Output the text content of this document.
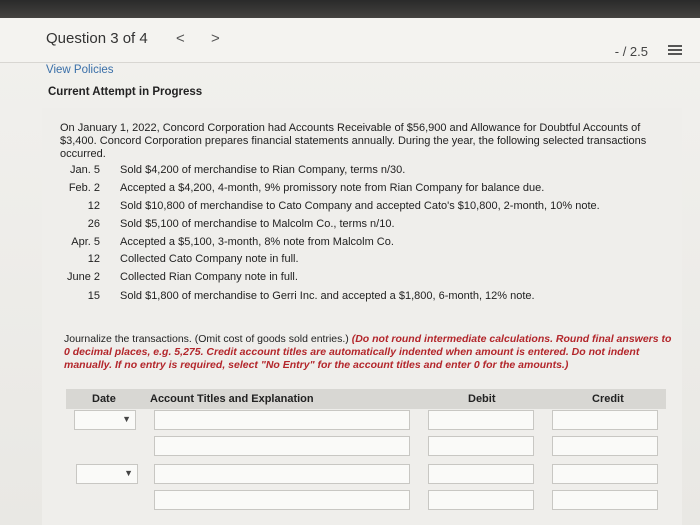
Question 3 of 4 < >
- / 2.5
View Policies
Current Attempt in Progress
On January 1, 2022, Concord Corporation had Accounts Receivable of $56,900 and Allowance for Doubtful Accounts of $3,400. Concord Corporation prepares financial statements annually. During the year, the following selected transactions occurred.
Jan. 5 Sold $4,200 of merchandise to Rian Company, terms n/30.
Feb. 2 Accepted a $4,200, 4-month, 9% promissory note from Rian Company for balance due.
12 Sold $10,800 of merchandise to Cato Company and accepted Cato's $10,800, 2-month, 10% note.
26 Sold $5,100 of merchandise to Malcolm Co., terms n/10.
Apr. 5 Accepted a $5,100, 3-month, 8% note from Malcolm Co.
12 Collected Cato Company note in full.
June 2 Collected Rian Company note in full.
15 Sold $1,800 of merchandise to Gerri Inc. and accepted a $1,800, 6-month, 12% note.
Journalize the transactions. (Omit cost of goods sold entries.) (Do not round intermediate calculations. Round final answers to 0 decimal places, e.g. 5,275. Credit account titles are automatically indented when amount is entered. Do not indent manually. If no entry is required, select "No Entry" for the account titles and enter 0 for the amounts.)
Date	Account Titles and Explanation	Debit	Credit
▼
▼
